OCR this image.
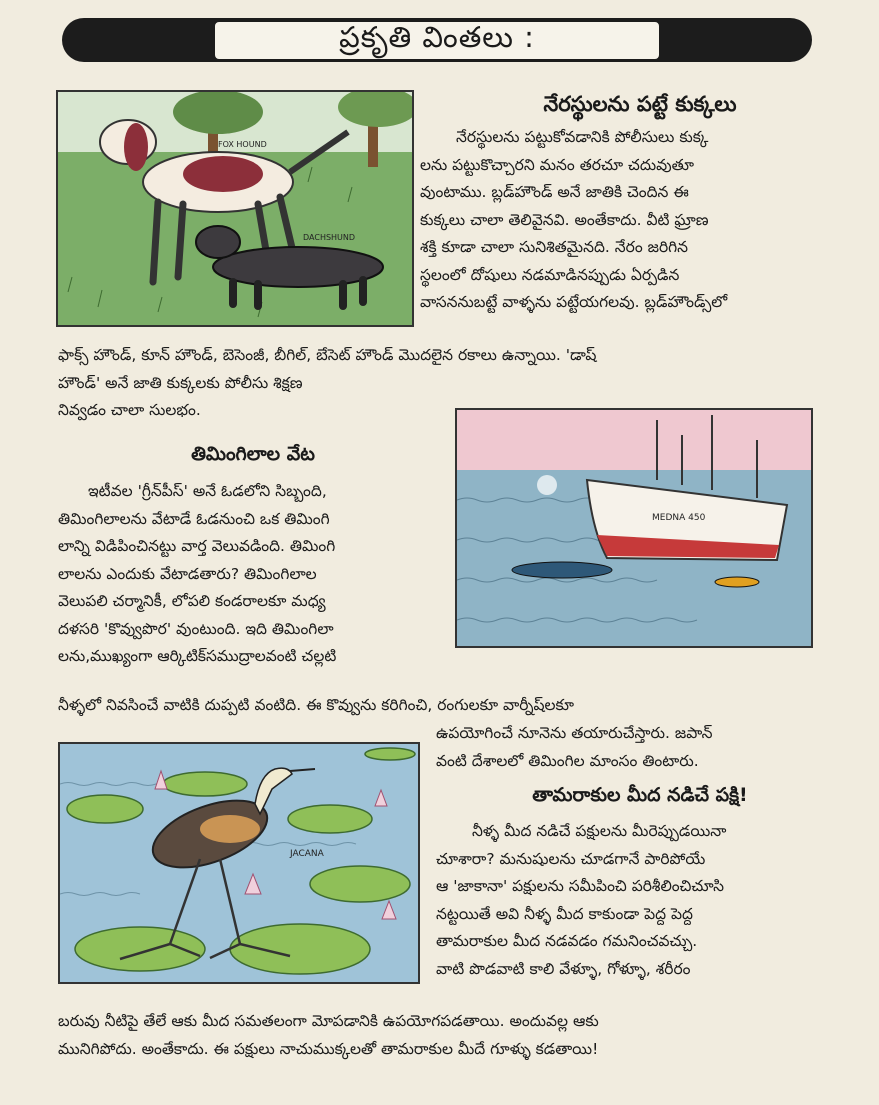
ప్రకృతి వింతలు :
FOX HOUND
DACHSHUND
నేరస్థులను పట్టే కుక్కలు
నేరస్థులను పట్టుకోవడానికి పోలీసులు కుక్క
లను పట్టుకొచ్చారని మనం తరచూ చదువుతూ
వుంటాము. బ్లడ్‌హౌండ్ అనే జాతికి చెందిన ఈ
కుక్కలు చాలా తెలివైనవి. అంతేకాదు. వీటి ఘ్రాణ
శక్తి కూడా చాలా సునిశితమైనది. నేరం జరిగిన
స్థలంలో దోషులు నడమాడినప్పుడు ఏర్పడిన
వాసననుబట్టే వాళ్ళను పట్టేయగలవు. బ్లడ్‌హౌండ్స్‌లో
ఫాక్స్ హౌండ్, కూన్ హౌండ్, బెసెంజీ, బీగిల్, బేసెట్ హౌండ్ మొదలైన రకాలు ఉన్నాయి. 'డాష్
హౌండ్' అనే జాతి కుక్కలకు పోలీసు శిక్షణ
నివ్వడం చాలా సులభం.
తిమింగిలాల వేట
ఇటీవల 'గ్రీన్‌పీస్' అనే ఓడలోని సిబ్బంది,
తిమింగిలాలను వేటాడే ఓడనుంచి ఒక తిమింగి
లాన్ని విడిపించినట్టు వార్త వెలువడింది. తిమింగి
లాలను ఎందుకు వేటాడతారు? తిమింగిలాల
వెలుపలి చర్మానికీ, లోపలి కండరాలకూ మధ్య
దళసరి 'కొవ్వుపొర' వుంటుంది. ఇది తిమింగిలా
లను,ముఖ్యంగా ఆర్కిటిక్‌సముద్రాలవంటి చల్లటి
MEDNA 450
నీళ్ళలో నివసించే వాటికి దుప్పటి వంటిది. ఈ కొవ్వును కరిగించి, రంగులకూ వార్నీష్‌లకూ
ఉపయోగించే నూనెను తయారుచేస్తారు. జపాన్
వంటి దేశాలలో తిమింగిల మాంసం తింటారు.
JACANA
తామరాకుల మీద నడిచే పక్షి!
నీళ్ళ మీద నడిచే పక్షులను మీరెప్పుడయినా
చూశారా? మనుషులను చూడగానే పారిపోయే
ఆ 'జాకానా' పక్షులను సమీపించి పరిశీలించిచూసి
నట్టయితే అవి నీళ్ళ మీద కాకుండా పెద్ద పెద్ద
తామరాకుల మీద నడవడం గమనించవచ్చు.
వాటి పొడవాటి కాలి వేళ్ళూ, గోళ్ళూ, శరీరం
బరువు నీటిపై తేలే ఆకు మీద సమతలంగా మోపడానికి ఉపయోగపడతాయి. అందువల్ల ఆకు
మునిగిపోదు. అంతేకాదు. ఈ పక్షులు నాచుముక్కలతో తామరాకుల మీదే గూళ్ళు కడతాయి!
